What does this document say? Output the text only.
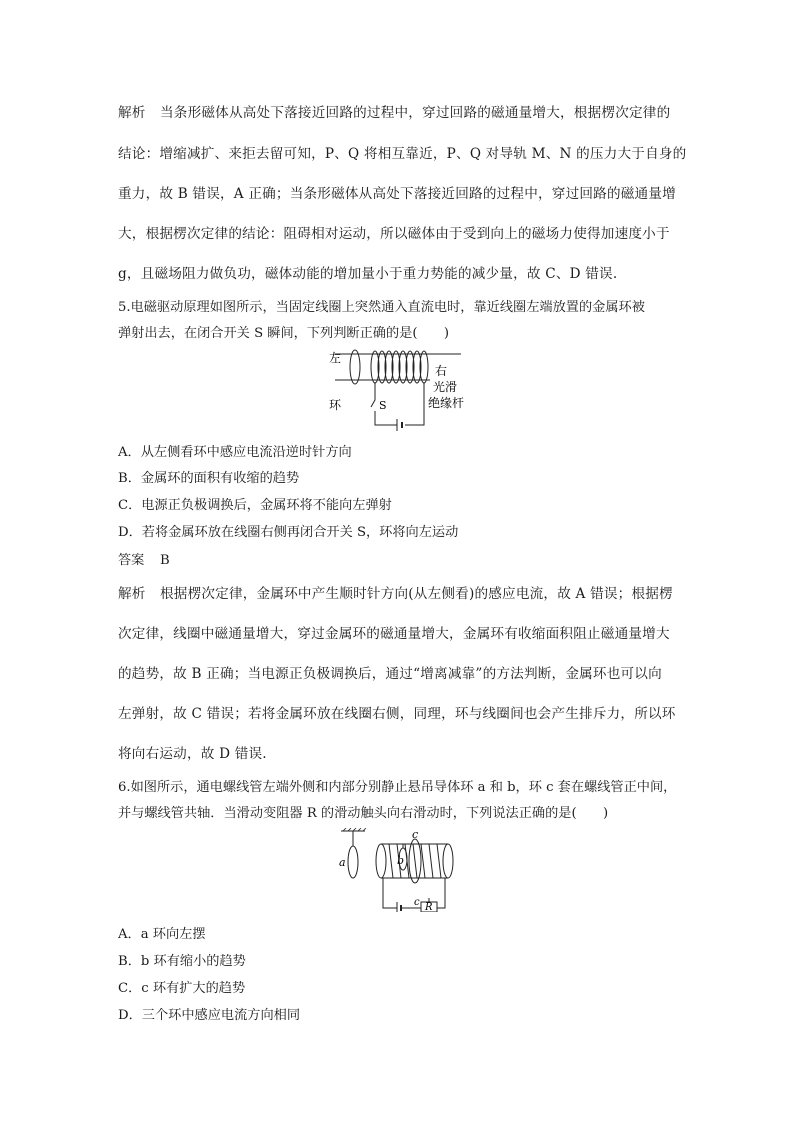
解析 当条形磁体从高处下落接近回路的过程中，穿过回路的磁通量增大，根据楞次定律的
结论：增缩减扩、来拒去留可知，P、Q 将相互靠近，P、Q 对导轨 M、N 的压力大于自身的
重力，故 B 错误，A 正确；当条形磁体从高处下落接近回路的过程中，穿过回路的磁通量增
大，根据楞次定律的结论：阻碍相对运动，所以磁体由于受到向上的磁场力使得加速度小于
g，且磁场阻力做负功，磁体动能的增加量小于重力势能的减少量，故 C、D 错误.
5.电磁驱动原理如图所示，当固定线圈上突然通入直流电时，靠近线圈左端放置的金属环被
弹射出去，在闭合开关 S 瞬间，下列判断正确的是(　　)
左
右
环	S
光滑
绝缘杆
A．从左侧看环中感应电流沿逆时针方向
B．金属环的面积有收缩的趋势
C．电源正负极调换后，金属环将不能向左弹射
D．若将金属环放在线圈右侧再闭合开关 S，环将向左运动
答案 B
解析 根据楞次定律，金属环中产生顺时针方向(从左侧看)的感应电流，故 A 错误；根据楞
次定律，线圈中磁通量增大，穿过金属环的磁通量增大，金属环有收缩面积阻止磁通量增大
的趋势，故 B 正确；当电源正负极调换后，通过“增离减靠”的方法判断，金属环也可以向
左弹射，故 C 错误；若将金属环放在线圈右侧，同理，环与线圈间也会产生排斥力，所以环
将向右运动，故 D 错误.
6.如图所示，通电螺线管左端外侧和内部分别静止悬吊导体环 a 和 b，环 c 套在螺线管正中间，
并与螺线管共轴．当滑动变阻器 R 的滑动触头向右滑动时，下列说法正确的是(　　)
a	b
c
c R
A．a 环向左摆
B．b 环有缩小的趋势
C．c 环有扩大的趋势
D．三个环中感应电流方向相同
